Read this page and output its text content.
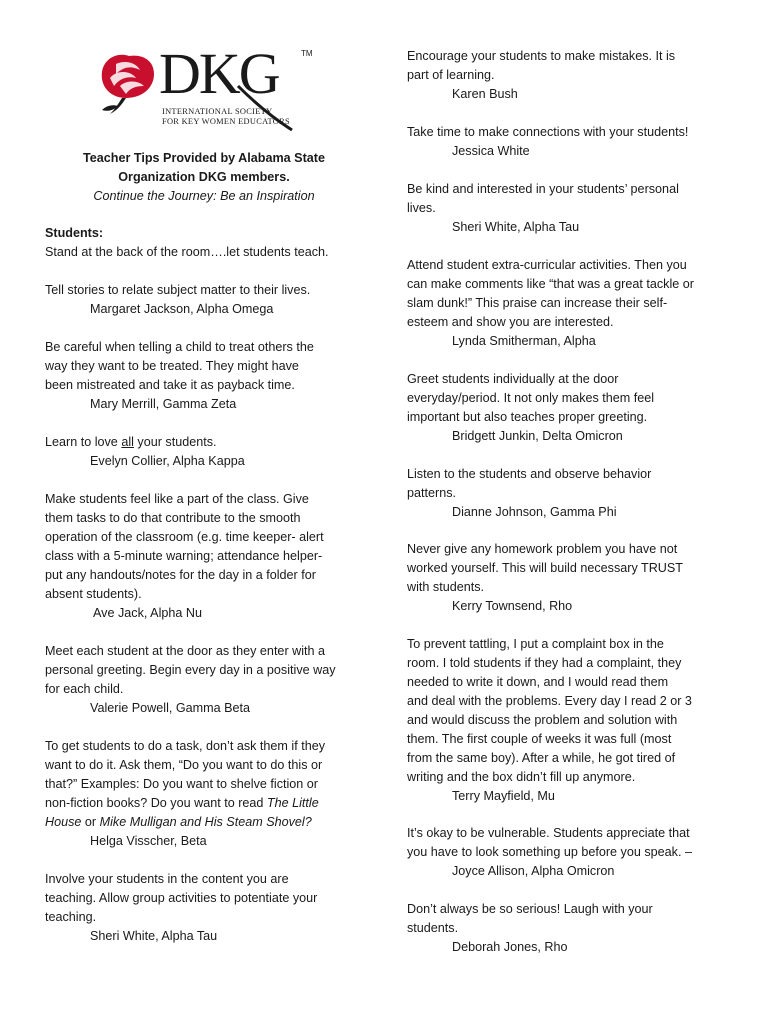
DKG	TM
INTERNATIONAL SOCIETY
FOR KEY WOMEN EDUCATORS
Teacher Tips Provided by Alabama State
Organization DKG members.
Continue the Journey: Be an Inspiration
Students:
Stand at the back of the room….let students teach.
Tell stories to relate subject matter to their lives.
Margaret Jackson, Alpha Omega
Be careful when telling a child to treat others the
way they want to be treated. They might have
been mistreated and take it as payback time.
Mary Merrill, Gamma Zeta
Learn to love all your students.
Evelyn Collier, Alpha Kappa
Make students feel like a part of the class. Give
them tasks to do that contribute to the smooth
operation of the classroom (e.g. time keeper- alert
class with a 5-minute warning; attendance helper-
put any handouts/notes for the day in a folder for
absent students).
Ave Jack, Alpha Nu
Meet each student at the door as they enter with a
personal greeting. Begin every day in a positive way
for each child.
Valerie Powell, Gamma Beta
To get students to do a task, don’t ask them if they
want to do it. Ask them, “Do you want to do this or
that?” Examples: Do you want to shelve fiction or
non-fiction books? Do you want to read The Little
House or Mike Mulligan and His Steam Shovel?
Helga Visscher, Beta
Involve your students in the content you are
teaching. Allow group activities to potentiate your
teaching.
Sheri White, Alpha Tau
Encourage your students to make mistakes. It is
part of learning.
Karen Bush
Take time to make connections with your students!
Jessica White
Be kind and interested in your students’ personal
lives.
Sheri White, Alpha Tau
Attend student extra-curricular activities. Then you
can make comments like “that was a great tackle or
slam dunk!” This praise can increase their self-
esteem and show you are interested.
Lynda Smitherman, Alpha
Greet students individually at the door
everyday/period. It not only makes them feel
important but also teaches proper greeting.
Bridgett Junkin, Delta Omicron
Listen to the students and observe behavior
patterns.
Dianne Johnson, Gamma Phi
Never give any homework problem you have not
worked yourself. This will build necessary TRUST
with students.
Kerry Townsend, Rho
To prevent tattling, I put a complaint box in the
room. I told students if they had a complaint, they
needed to write it down, and I would read them
and deal with the problems. Every day I read 2 or 3
and would discuss the problem and solution with
them. The first couple of weeks it was full (most
from the same boy). After a while, he got tired of
writing and the box didn’t fill up anymore.
Terry Mayfield, Mu
It’s okay to be vulnerable. Students appreciate that
you have to look something up before you speak. –
Joyce Allison, Alpha Omicron
Don’t always be so serious! Laugh with your
students.
Deborah Jones, Rho
